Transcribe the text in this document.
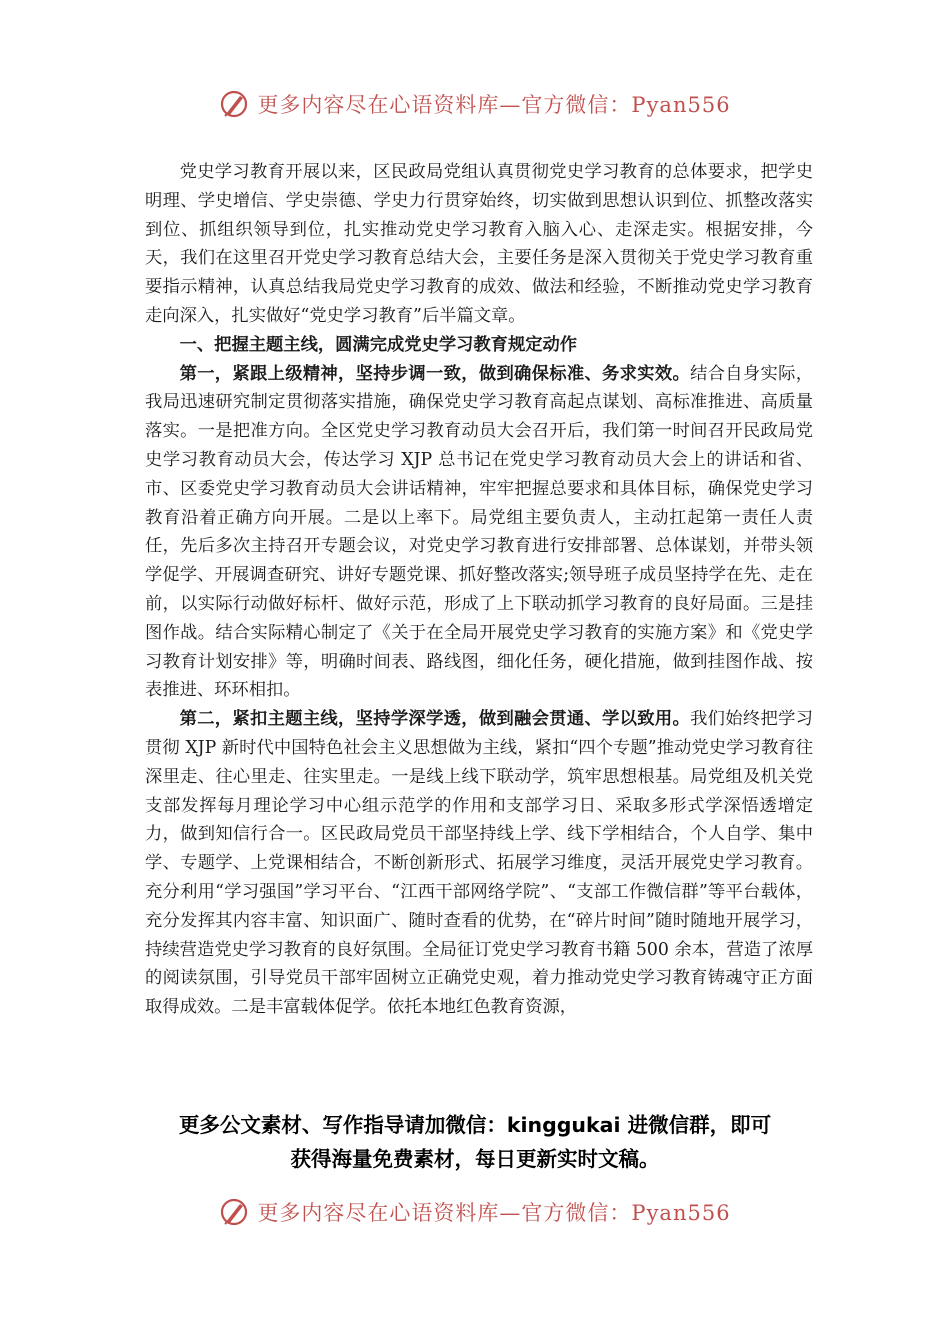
更多内容尽在心语资料库—官方微信：Pyan556

党史学习教育开展以来，区民政局党组认真贯彻党史学习教育的总体要求，把学史明理、学史增信、学史崇德、学史力行贯穿始终，切实做到思想认识到位、抓整改落实到位、抓组织领导到位，扎实推动党史学习教育入脑入心、走深走实。根据安排，今天，我们在这里召开党史学习教育总结大会，主要任务是深入贯彻关于党史学习教育重要指示精神，认真总结我局党史学习教育的成效、做法和经验，不断推动党史学习教育走向深入，扎实做好“党史学习教育”后半篇文章。

一、把握主题主线，圆满完成党史学习教育规定动作

第一，紧跟上级精神，坚持步调一致，做到确保标准、务求实效。结合自身实际，我局迅速研究制定贯彻落实措施，确保党史学习教育高起点谋划、高标准推进、高质量落实。一是把准方向。全区党史学习教育动员大会召开后，我们第一时间召开民政局党史学习教育动员大会，传达学习 XJP 总书记在党史学习教育动员大会上的讲话和省、市、区委党史学习教育动员大会讲话精神，牢牢把握总要求和具体目标，确保党史学习教育沿着正确方向开展。二是以上率下。局党组主要负责人，主动扛起第一责任人责任，先后多次主持召开专题会议，对党史学习教育进行安排部署、总体谋划，并带头领学促学、开展调查研究、讲好专题党课、抓好整改落实;领导班子成员坚持学在先、走在前，以实际行动做好标杆、做好示范，形成了上下联动抓学习教育的良好局面。三是挂图作战。结合实际精心制定了《关于在全局开展党史学习教育的实施方案》和《党史学习教育计划安排》等，明确时间表、路线图，细化任务，硬化措施，做到挂图作战、按表推进、环环相扣。

第二，紧扣主题主线，坚持学深学透，做到融会贯通、学以致用。我们始终把学习贯彻 XJP 新时代中国特色社会主义思想做为主线，紧扣“四个专题”推动党史学习教育往深里走、往心里走、往实里走。一是线上线下联动学，筑牢思想根基。局党组及机关党支部发挥每月理论学习中心组示范学的作用和支部学习日、采取多形式学深悟透增定力，做到知信行合一。区民政局党员干部坚持线上学、线下学相结合，个人自学、集中学、专题学、上党课相结合，不断创新形式、拓展学习维度，灵活开展党史学习教育。充分利用“学习强国”学习平台、“江西干部网络学院”、“支部工作微信群”等平台载体，充分发挥其内容丰富、知识面广、随时查看的优势，在“碎片时间”随时随地开展学习，持续营造党史学习教育的良好氛围。全局征订党史学习教育书籍 500 余本，营造了浓厚的阅读氛围，引导党员干部牢固树立正确党史观，着力推动党史学习教育铸魂守正方面取得成效。二是丰富载体促学。依托本地红色教育资源，

更多公文素材、写作指导请加微信：kinggukai 进微信群，即可
获得海量免费素材，每日更新实时文稿。
更多内容尽在心语资料库—官方微信：Pyan556
